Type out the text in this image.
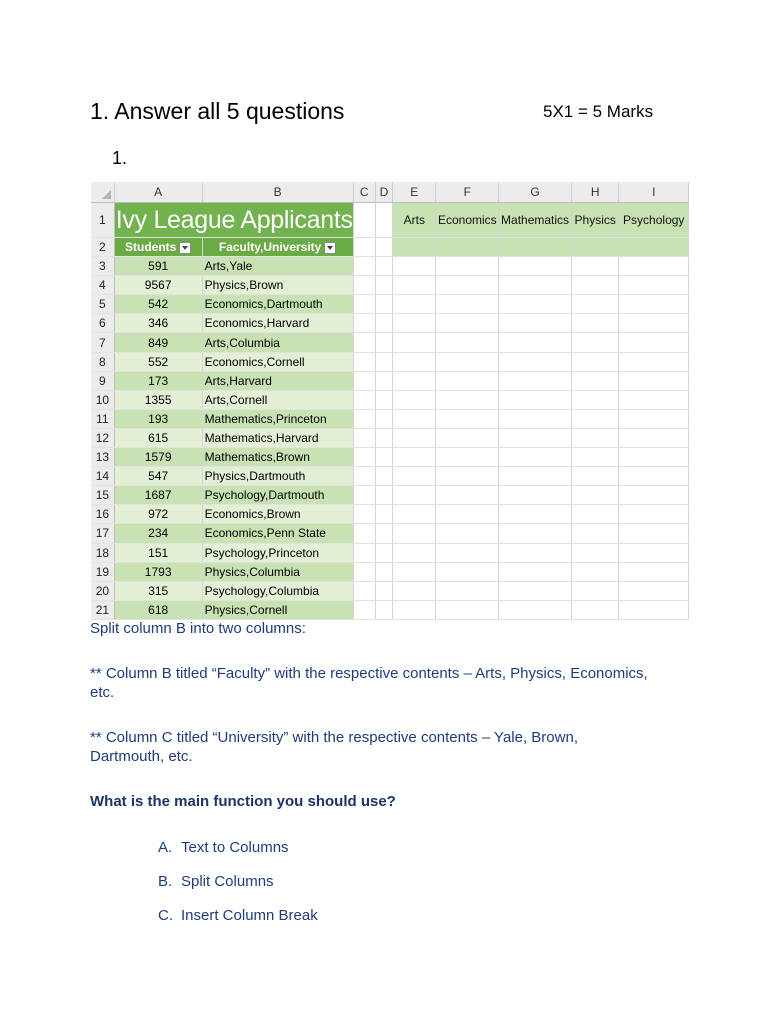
1. Answer all 5 questions	5X1 = 5 Marks
1.
	A	B	C	D	E	F	G	H	I
1	Ivy League Applicants				Arts	Economics	Mathematics	Physics	Psychology
2	Students	Faculty,University							
3	591	Arts,Yale							
4	9567	Physics,Brown							
5	542	Economics,Dartmouth							
6	346	Economics,Harvard							
7	849	Arts,Columbia							
8	552	Economics,Cornell							
9	173	Arts,Harvard							
10	1355	Arts,Cornell							
11	193	Mathematics,Princeton							
12	615	Mathematics,Harvard							
13	1579	Mathematics,Brown							
14	547	Physics,Dartmouth							
15	1687	Psychology,Dartmouth							
16	972	Economics,Brown							
17	234	Economics,Penn State							
18	151	Psychology,Princeton							
19	1793	Physics,Columbia							
20	315	Psychology,Columbia							
21	618	Physics,Cornell							
Split column B into two columns:
** Column B titled “Faculty” with the respective contents – Arts, Physics, Economics, etc.
** Column C titled “University” with the respective contents – Yale, Brown, Dartmouth, etc.
What is the main function you should use?
A. Text to Columns
B. Split Columns
C. Insert Column Break
